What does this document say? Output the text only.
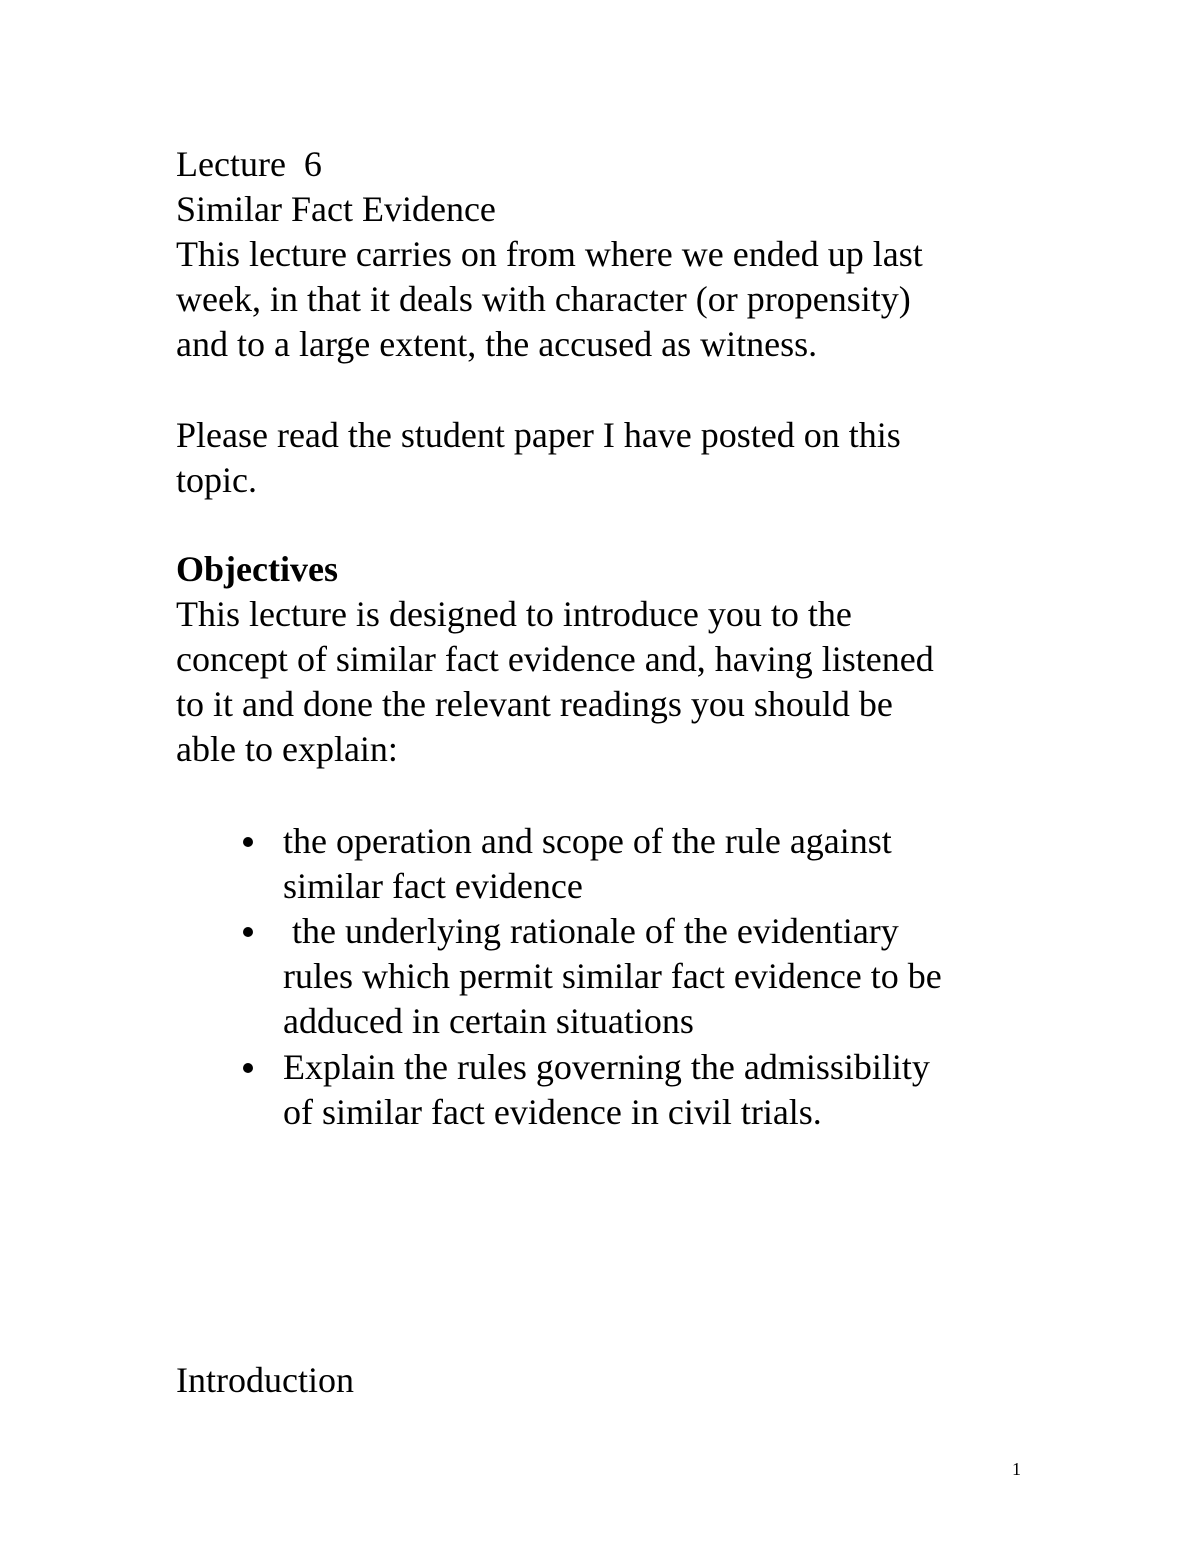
Lecture  6

Similar Fact Evidence

This lecture carries on from where we ended up last

week, in that it deals with character (or propensity)

and to a large extent, the accused as witness.

Please read the student paper I have posted on this

topic.

Objectives

This lecture is designed to introduce you to the

concept of similar fact evidence and, having listened

to it and done the relevant readings you should be

able to explain:

the operation and scope of the rule against

similar fact evidence

the underlying rationale of the evidentiary

rules which permit similar fact evidence to be

adduced in certain situations

Explain the rules governing the admissibility

of similar fact evidence in civil trials.

Introduction

1
